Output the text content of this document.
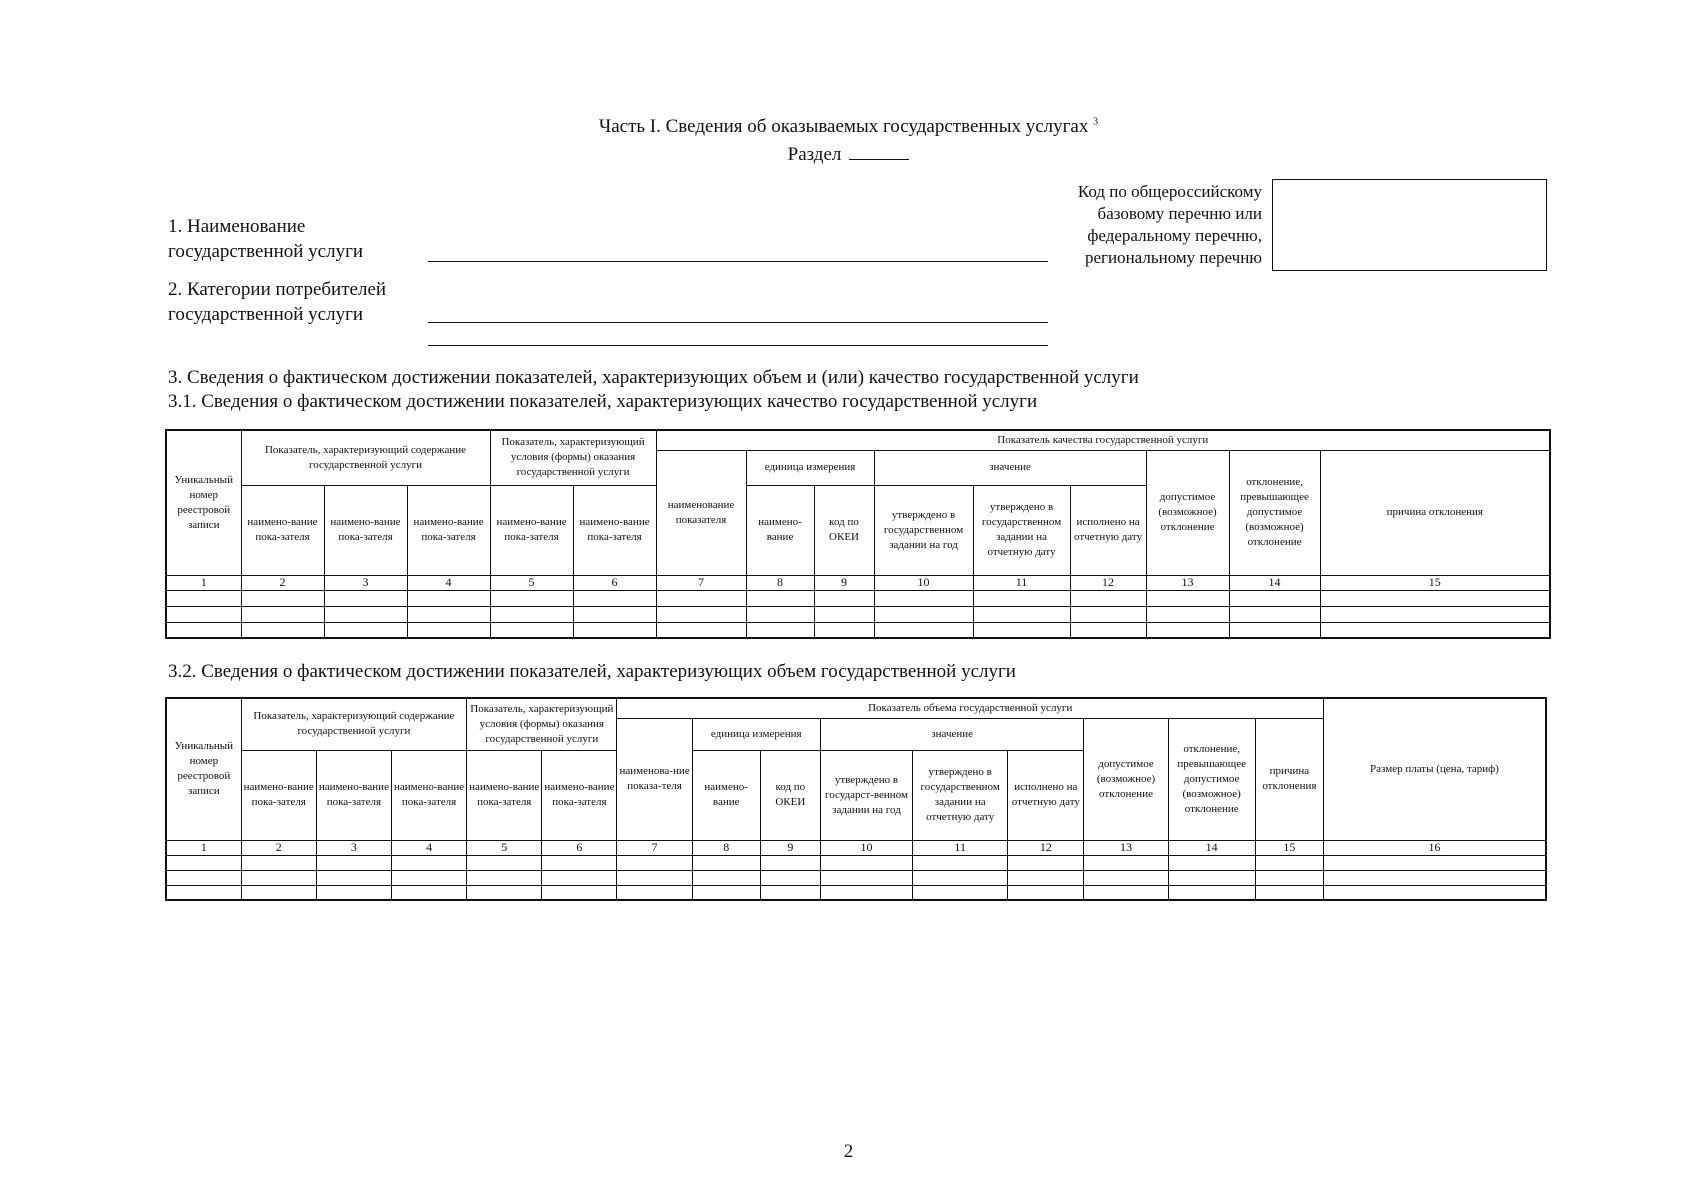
Часть I. Сведения об оказываемых государственных услугах $^3$
Раздел
Код по общероссийскому
базовому перечню или
федеральному перечню,
региональному перечню
1. Наименование
государственной услуги
2. Категории потребителей
государственной услуги
3. Сведения о фактическом достижении показателей, характеризующих объем и (или) качество государственной услуги
3.1. Сведения о фактическом достижении показателей, характеризующих качество государственной услуги
Уникальный номер реестровой записи	Показатель, характеризующий содержание государственной услуги			Показатель, характеризующий условия (формы) оказания государственной услуги		Показатель качества государственной услуги								
						наименование показателя	единица измерения		значение			допустимое (возможное) отклонение	отклонение, превышающее допустимое (возможное) отклонение	причина отклонения
	наимено-вание пока-зателя	наимено-вание пока-зателя	наимено-вание пока-зателя	наимено-вание пока-зателя	наимено-вание пока-зателя		наимено-вание	код по ОКЕИ	утверждено в государственном задании на год	утверждено в государственном задании на отчетную дату	исполнено на отчетную дату			
1	2	3	4	5	6	7	8	9	10	11	12	13	14	15

3.2. Сведения о фактическом достижении показателей, характеризующих объем государственной услуги
Уникальный номер реестровой записи	Показатель, характеризующий содержание государственной услуги			Показатель, характеризующий условия (формы) оказания государственной услуги		Показатель объема государственной услуги									Размер платы (цена, тариф)
						наименова-ние показа-теля	единица измерения		значение			допустимое (возможное) отклонение	отклонение, превышающее допустимое (возможное) отклонение	причина отклонения	
	наимено-вание пока-зателя	наимено-вание пока-зателя	наимено-вание пока-зателя	наимено-вание пока-зателя	наимено-вание пока-зателя		наимено-вание	код по ОКЕИ	утверждено в государст-венном задании на год	утверждено в государственном задании на отчетную дату	исполнено на отчетную дату				
1	2	3	4	5	6	7	8	9	10	11	12	13	14	15	16

2
